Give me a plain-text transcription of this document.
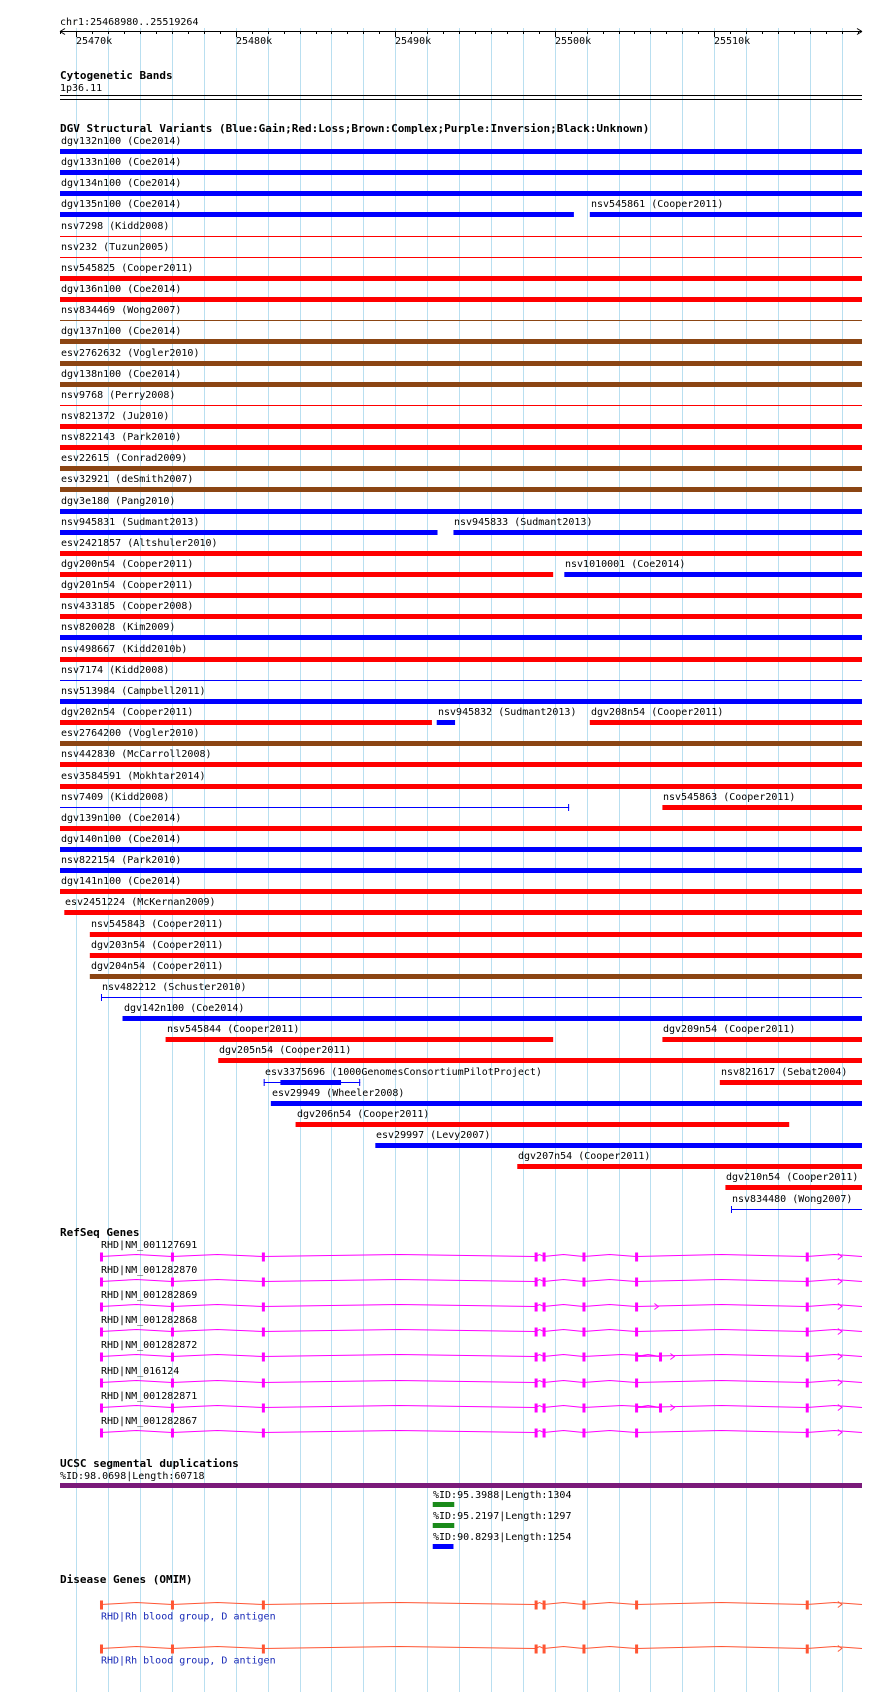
chr1:25468980..25519264
25470k	25480k	25490k	25500k	25510k
Cytogenetic Bands
1p36.11
DGV Structural Variants (Blue:Gain;Red:Loss;Brown:Complex;Purple:Inversion;Black:Unknown)
dgv132n100 (Coe2014)
dgv133n100 (Coe2014)
dgv134n100 (Coe2014)
dgv135n100 (Coe2014)	nsv545861 (Cooper2011)
nsv7298 (Kidd2008)
nsv232 (Tuzun2005)
nsv545825 (Cooper2011)
dgv136n100 (Coe2014)
nsv834469 (Wong2007)
dgv137n100 (Coe2014)
esv2762632 (Vogler2010)
dgv138n100 (Coe2014)
nsv9768 (Perry2008)
nsv821372 (Ju2010)
nsv822143 (Park2010)
esv22615 (Conrad2009)
esv32921 (deSmith2007)
dgv3e180 (Pang2010)
nsv945831 (Sudmant2013)	nsv945833 (Sudmant2013)
esv2421857 (Altshuler2010)
dgv200n54 (Cooper2011)	nsv1010001 (Coe2014)
dgv201n54 (Cooper2011)
nsv433185 (Cooper2008)
nsv820028 (Kim2009)
nsv498667 (Kidd2010b)
nsv7174 (Kidd2008)
nsv513984 (Campbell2011)
dgv202n54 (Cooper2011)	nsv945832 (Sudmant2013) dgv208n54 (Cooper2011)
esv2764200 (Vogler2010)
nsv442830 (McCarroll2008)
esv3584591 (Mokhtar2014)
nsv7409 (Kidd2008)	nsv545863 (Cooper2011)
dgv139n100 (Coe2014)
dgv140n100 (Coe2014)
nsv822154 (Park2010)
dgv141n100 (Coe2014)
esv2451224 (McKernan2009)
nsv545843 (Cooper2011)
dgv203n54 (Cooper2011)
dgv204n54 (Cooper2011)
nsv482212 (Schuster2010)
dgv142n100 (Coe2014)
nsv545844 (Cooper2011)	dgv209n54 (Cooper2011)
dgv205n54 (Cooper2011)
esv3375696 (1000GenomesConsortiumPilotProject)	nsv821617 (Sebat2004)
esv29949 (Wheeler2008)
dgv206n54 (Cooper2011)
esv29997 (Levy2007)
dgv207n54 (Cooper2011)
dgv210n54 (Cooper2011)
nsv834480 (Wong2007)
RefSeq Genes
RHD|NM_001127691
RHD|NM_001282870
RHD|NM_001282869
RHD|NM_001282868
RHD|NM_001282872
RHD|NM_016124
RHD|NM_001282871
RHD|NM_001282867
UCSC segmental duplications
%ID:98.0698|Length:60718
%ID:95.3988|Length:1304
%ID:95.2197|Length:1297
%ID:90.8293|Length:1254
Disease Genes (OMIM)
RHD|Rh blood group, D antigen
RHD|Rh blood group, D antigen
